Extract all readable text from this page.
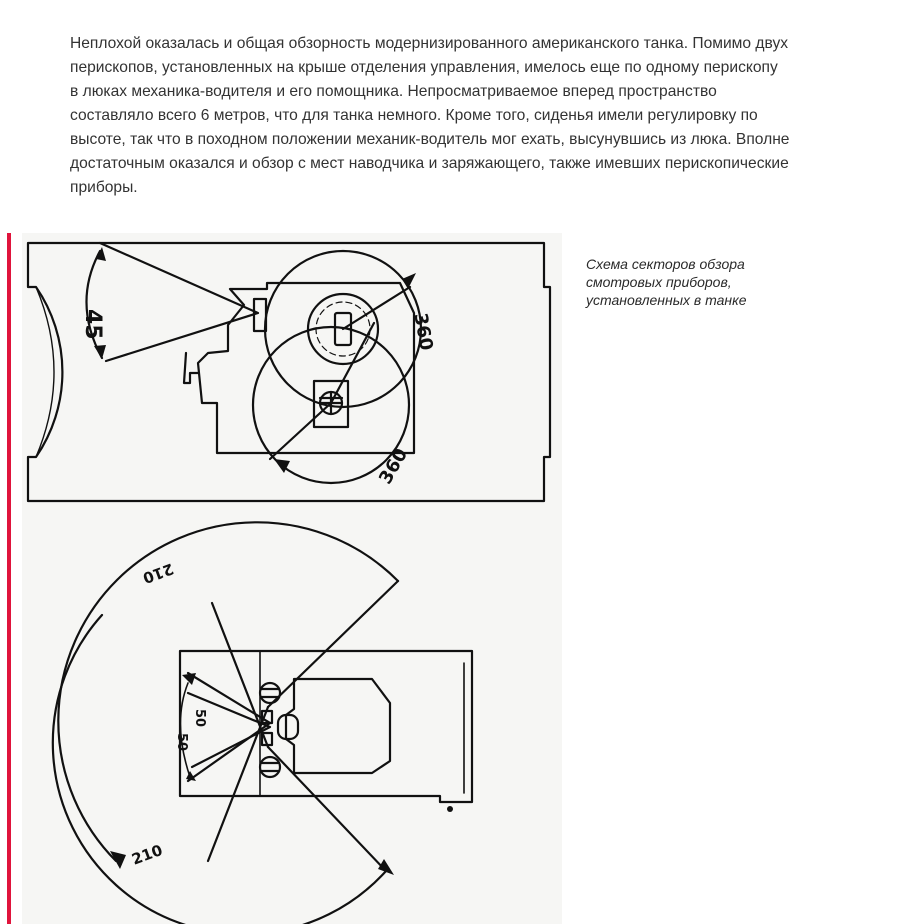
Неплохой оказалась и общая обзорность модернизированного американского танка. Помимо двух перископов, установленных на крыше отделения управления, имелось еще по одному перископу в люках механика-водителя и его помощника. Непросматриваемое вперед пространство составляло всего 6 метров, что для танка немного. Кроме того, сиденья имели регулировку по высоте, так что в походном положении механик-водитель мог ехать, высунувшись из люка. Вполне достаточным оказался и обзор с мест наводчика и заряжающего, также имевших перископические приборы.

45	360
360
210
210
50
50

Схема секторов обзора смотровых приборов, установленных в танке
